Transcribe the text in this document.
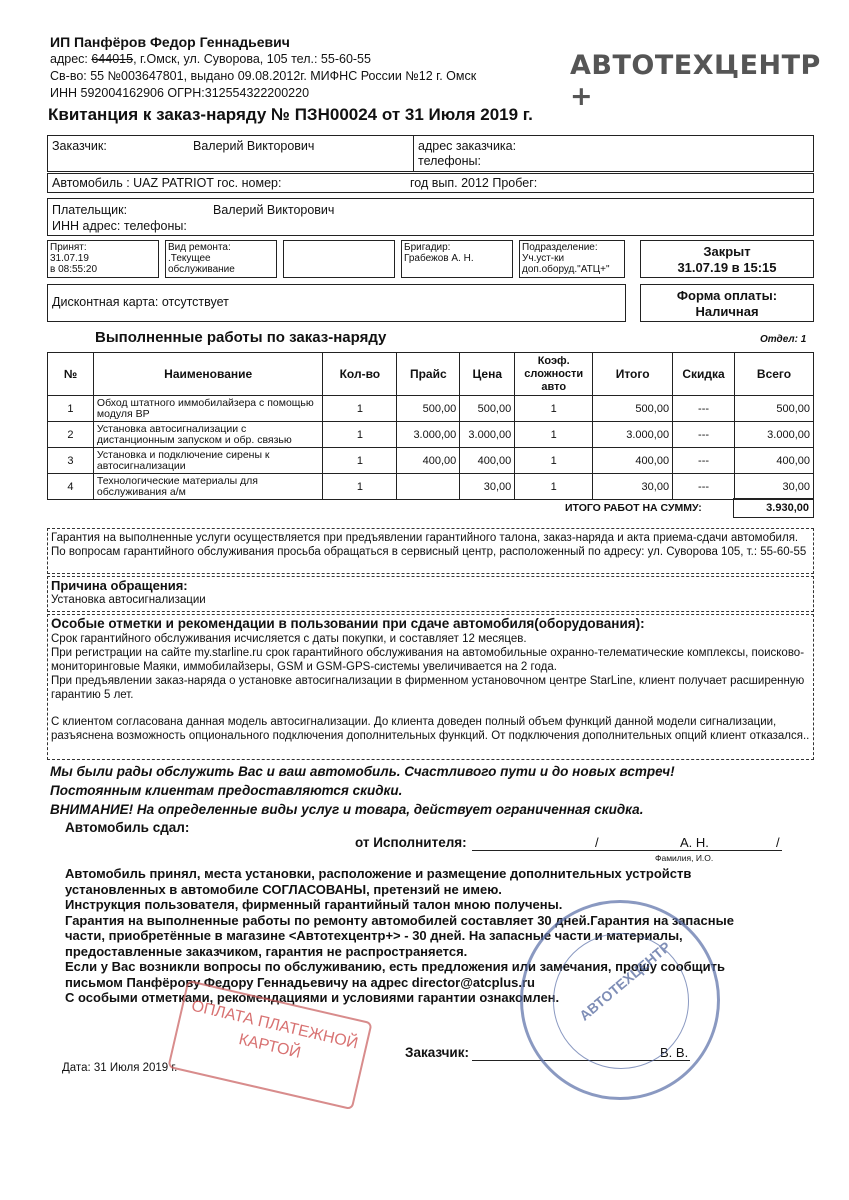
ИП Панфёров Федор Геннадьевич
адрес: 644015, г.Омск, ул. Суворова, 105 тел.: 55-60-55
Св-во: 55 №003647801, выдано 09.08.2012г. МИФНС России №12 г. Омск
ИНН 592004162906 ОГРН:312554322200220
АВТОТЕХЦЕНТР +
Квитанция к заказ-наряду № ПЗН00024 от 31 Июля 2019 г.
Заказчик:	Валерий Викторович	адрес заказчика:
телефоны:
Автомобиль : UAZ PATRIOT гос. номер:	год вып. 2012 Пробег:
Плательщик:	Валерий Викторович
ИНН адрес: телефоны:
Принят:
31.07.19
в 08:55:20
Вид ремонта:
.Текущее
обслуживание
Бригадир:
Грабежов А. Н.
Подразделение:
Уч.уст-ки
доп.оборуд."АТЦ+"
Закрыт
31.07.19 в 15:15
Дисконтная карта: отсутствует	Форма оплаты:
Наличная
Выполненные работы по заказ-наряду	Отдел: 1
№	Наименование	Кол-во	Прайс	Цена	Коэф. сложности авто	Итого	Скидка	Всего
1	Обход штатного иммобилайзера с помощью модуля BP	1	500,00	500,00	1	500,00	---	500,00
2	Установка автосигнализации с дистанционным запуском и обр. связью	1	3.000,00	3.000,00	1	3.000,00	---	3.000,00
3	Установка и подключение сирены к автосигнализации	1	400,00	400,00	1	400,00	---	400,00
4	Технологические материалы для обслуживания а/м	1		30,00	1	30,00	---	30,00
ИТОГО РАБОТ НА СУММУ:	3.930,00
Гарантия на выполненные услуги осуществляется при предъявлении гарантийного талона, заказ-наряда и акта приема-сдачи автомобиля. По вопросам гарантийного обслуживания просьба обращаться в сервисный центр, расположенный по адресу: ул. Суворова 105, т.: 55-60-55
Причина обращения:
Установка автосигнализации
Особые отметки и рекомендации в пользовании при сдаче автомобиля(оборудования):
Срок гарантийного обслуживания исчисляется с даты покупки, и составляет 12 месяцев.
При регистрации на сайте my.starline.ru срок гарантийного обслуживания на автомобильные охранно-телематические комплексы, поисково-мониторинговые Маяки, иммобилайзеры, GSM и GSM-GPS-системы увеличивается на 2 года.
При предъявлении заказ-наряда о установке автосигнализации в фирменном установочном центре StarLine, клиент получает расширенную гарантию 5 лет.
С клиентом согласована данная модель автосигнализации. До клиента доведен полный объем функций данной модели сигнализации, разъяснена возможность опционального подключения дополнительных функций. От подключения дополнительных опций клиент отказался..
Мы были рады обслужить Вас и ваш автомобиль. Счастливого пути и до новых встреч!
Постоянным клиентам предоставляются скидки.
ВНИМАНИЕ! На определенные виды услуг и товара, действует ограниченная скидка.
Автомобиль сдал:
от Исполнителя:	/	А. Н.	/
Фамилия, И.О.
Автомобиль принял, места установки, расположение и размещение дополнительных устройств установленных в автомобиле СОГЛАСОВАНЫ, претензий не имею.
Инструкция пользователя, фирменный гарантийный талон мною получены.
Гарантия на выполненные работы по ремонту автомобилей составляет 30 дней.Гарантия на запасные части, приобретённые в магазине <Автотехцентр+> - 30 дней. На запасные части и материалы, предоставленные заказчиком, гарантия не распространяется.
Если у Вас возникли вопросы по обслуживанию, есть предложения или замечания, прошу сообщить письмом Панфёрову Федору Геннадьевичу на адрес director@atcplus.ru
С особыми отметками, рекомендациями и условиями гарантии ознакомлен.
Заказчик:	В. В.
Дата: 31 Июля 2019 г.
ОПЛАТА ПЛАТЕЖНОЙ КАРТОЙ
АВТОТЕХЦЕНТР
